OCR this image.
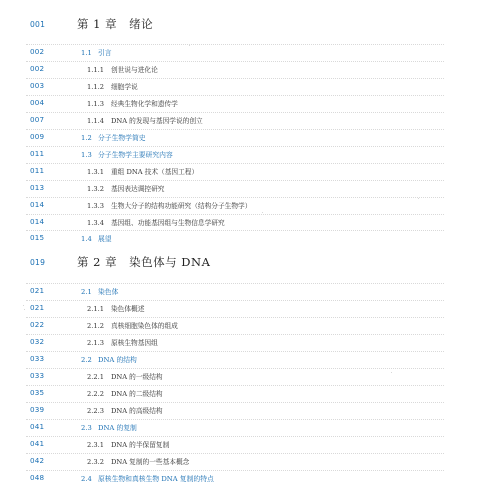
001	第 1 章　绪论
002	1.1 引言
002	1.1.1 创世说与进化论
003	1.1.2 细胞学说
004	1.1.3 经典生物化学和遗传学
007	1.1.4 DNA 的发现与基因学说的创立
009	1.2 分子生物学简史
011	1.3 分子生物学主要研究内容
011	1.3.1 重组 DNA 技术（基因工程）
013	1.3.2 基因表达调控研究
014	1.3.3 生物大分子的结构功能研究（结构分子生物学）
014	1.3.4 基因组、功能基因组与生物信息学研究
015	1.4 展望
019	第 2 章　染色体与 DNA
021	2.1 染色体
021	2.1.1 染色体概述
022	2.1.2 真核细胞染色体的组成
032	2.1.3 原核生物基因组
033	2.2 DNA 的结构
033	2.2.1 DNA 的一级结构
035	2.2.2 DNA 的二级结构
039	2.2.3 DNA 的高级结构
041	2.3 DNA 的复制
041	2.3.1 DNA 的半保留复制
042	2.3.2 DNA 复制的一些基本概念
048	2.4 原核生物和真核生物 DNA 复制的特点
